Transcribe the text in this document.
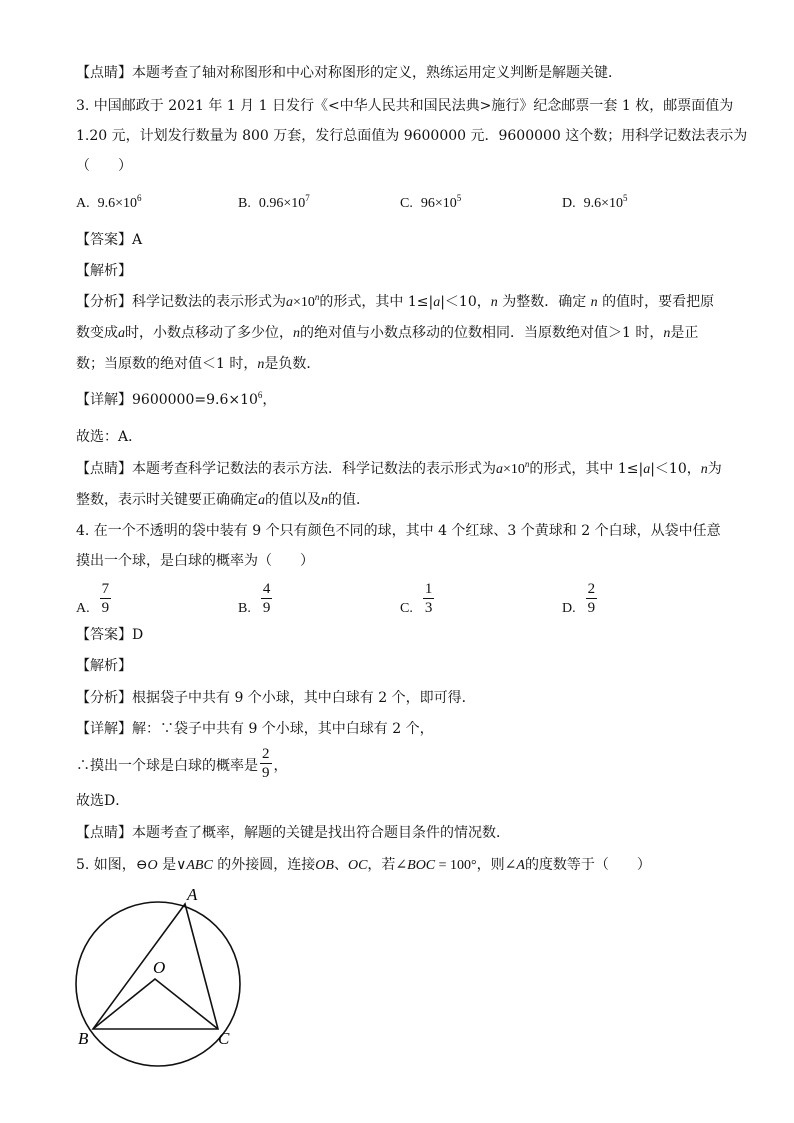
【点睛】本题考查了轴对称图形和中心对称图形的定义，熟练运用定义判断是解题关键．
3. 中国邮政于 2021 年 1 月 1 日发行《<中华人民共和国民法典>施行》纪念邮票一套 1 枚，邮票面值为
1.20 元，计划发行数量为 800 万套，发行总面值为 9600000 元．9600000 这个数；用科学记数法表示为
（　　）
A. $9.6\times 10^6$	B. $0.96\times 10^7$	C. $96\times 10^5$	D. $9.6\times 10^5$
【答案】A
【解析】
【分析】科学记数法的表示形式为$a\times 10^n$的形式，其中 1≤|a|＜10，n 为整数．确定 n 的值时，要看把原
数变成a时，小数点移动了多少位，n的绝对值与小数点移动的位数相同．当原数绝对值＞1 时，n是正
数；当原数的绝对值＜1 时，n是负数．
【详解】$9600000=9.6\times 10^6$，
故选：A．
【点睛】本题考查科学记数法的表示方法．科学记数法的表示形式为$a\times 10^n$的形式，其中 1≤|a|＜10，n为
整数，表示时关键要正确确定a的值以及n的值．
4. 在一个不透明的袋中装有 9 个只有颜色不同的球，其中 4 个红球、3 个黄球和 2 个白球，从袋中任意
摸出一个球，是白球的概率为（　　）
A. $\frac{7}{9}$	B. $\frac{4}{9}$	C. $\frac{1}{3}$	D. $\frac{2}{9}$
【答案】D
【解析】
【分析】根据袋子中共有 9 个小球，其中白球有 2 个，即可得．
【详解】解：∵袋子中共有 9 个小球，其中白球有 2 个，
∴摸出一个球是白球的概率是 $\frac{2}{9}$ ，
故选D．
【点睛】本题考查了概率，解题的关键是找出符合题目条件的情况数．
5. 如图，⊖O 是∨ABC 的外接圆，连接OB、OC，若∠BOC = 100°，则∠A的度数等于（　　）
A
B	C
O
